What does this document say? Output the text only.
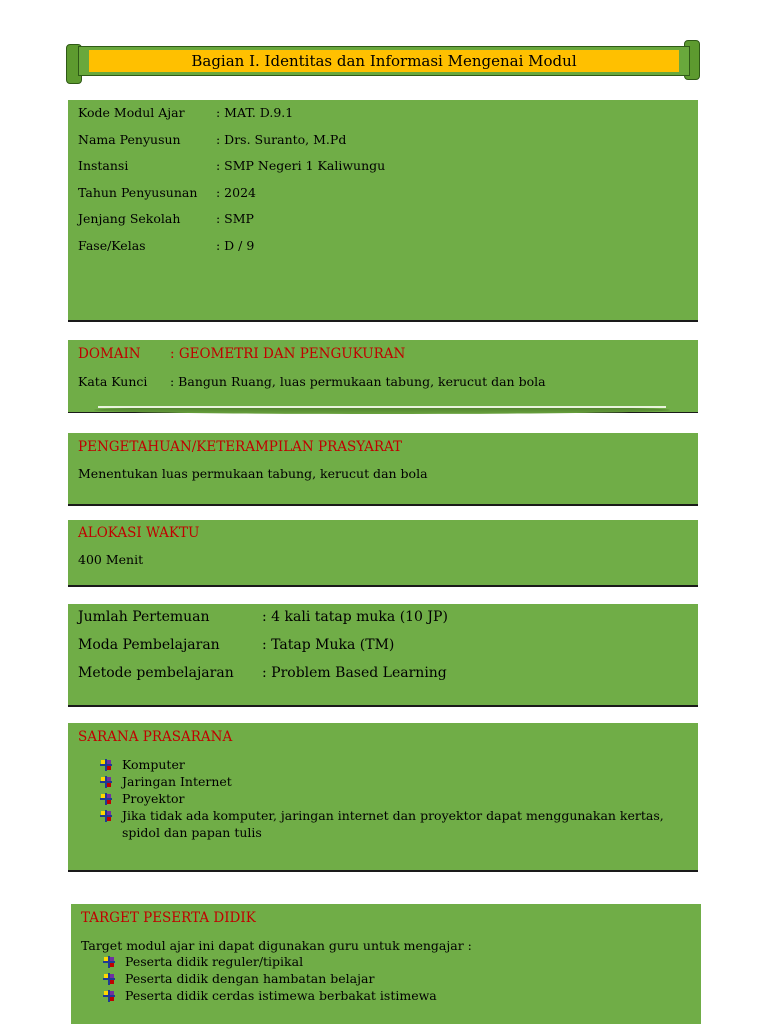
Bagian I. Identitas dan Informasi Mengenai Modul
Kode Modul Ajar	: MAT. D.9.1
Nama Penyusun	: Drs. Suranto, M.Pd
Instansi	: SMP Negeri 1 Kaliwungu
Tahun Penyusunan : 2024
Jenjang Sekolah	: SMP
Fase/Kelas	: D / 9
DOMAIN : GEOMETRI DAN PENGUKURAN
Kata Kunci : Bangun Ruang, luas permukaan tabung, kerucut dan bola
PENGETAHUAN/KETERAMPILAN PRASYARAT
Menentukan luas permukaan tabung, kerucut dan bola
ALOKASI WAKTU
400 Menit
Jumlah Pertemuan	: 4 kali tatap muka (10 JP)
Moda Pembelajaran	: Tatap Muka (TM)
Metode pembelajaran : Problem Based Learning
SARANA PRASARANA
Komputer
Jaringan Internet
Proyektor
Jika tidak ada komputer, jaringan internet dan proyektor dapat menggunakan kertas, spidol dan papan tulis
TARGET PESERTA DIDIK
Target modul ajar ini dapat digunakan guru untuk mengajar :
Peserta didik reguler/tipikal
Peserta didik dengan hambatan belajar
Peserta didik cerdas istimewa berbakat istimewa
